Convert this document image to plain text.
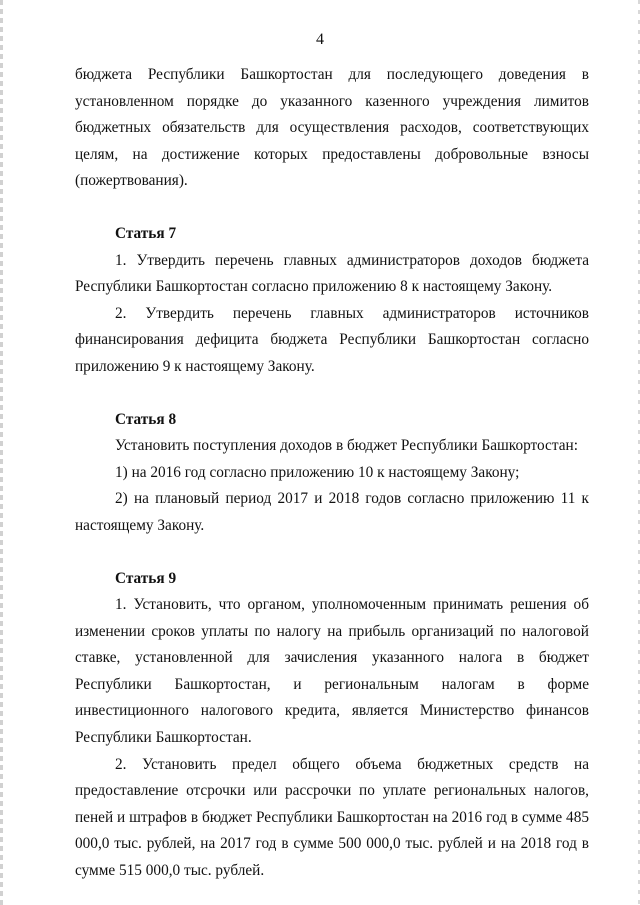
4

бюджета Республики Башкортостан для последующего доведения в установленном порядке до указанного казенного учреждения лимитов бюджетных обязательств для осуществления расходов, соответствующих целям, на достижение которых предоставлены добровольные взносы (пожертвования).

Статья 7

1. Утвердить перечень главных администраторов доходов бюджета Республики Башкортостан согласно приложению 8 к настоящему Закону.

2. Утвердить перечень главных администраторов источников финансирования дефицита бюджета Республики Башкортостан согласно приложению 9 к настоящему Закону.

Статья 8

Установить поступления доходов в бюджет Республики Башкортостан:

1) на 2016 год согласно приложению 10 к настоящему Закону;

2) на плановый период 2017 и 2018 годов согласно приложению 11 к настоящему Закону.

Статья 9

1. Установить, что органом, уполномоченным принимать решения об изменении сроков уплаты по налогу на прибыль организаций по налоговой ставке, установленной для зачисления указанного налога в бюджет Республики Башкортостан, и региональным налогам в форме инвестиционного налогового кредита, является Министерство финансов Республики Башкортостан.

2. Установить предел общего объема бюджетных средств на предоставление отсрочки или рассрочки по уплате региональных налогов, пеней и штрафов в бюджет Республики Башкортостан на 2016 год в сумме 485 000,0 тыс. рублей, на 2017 год в сумме 500 000,0 тыс. рублей и на 2018 год в сумме 515 000,0 тыс. рублей.
